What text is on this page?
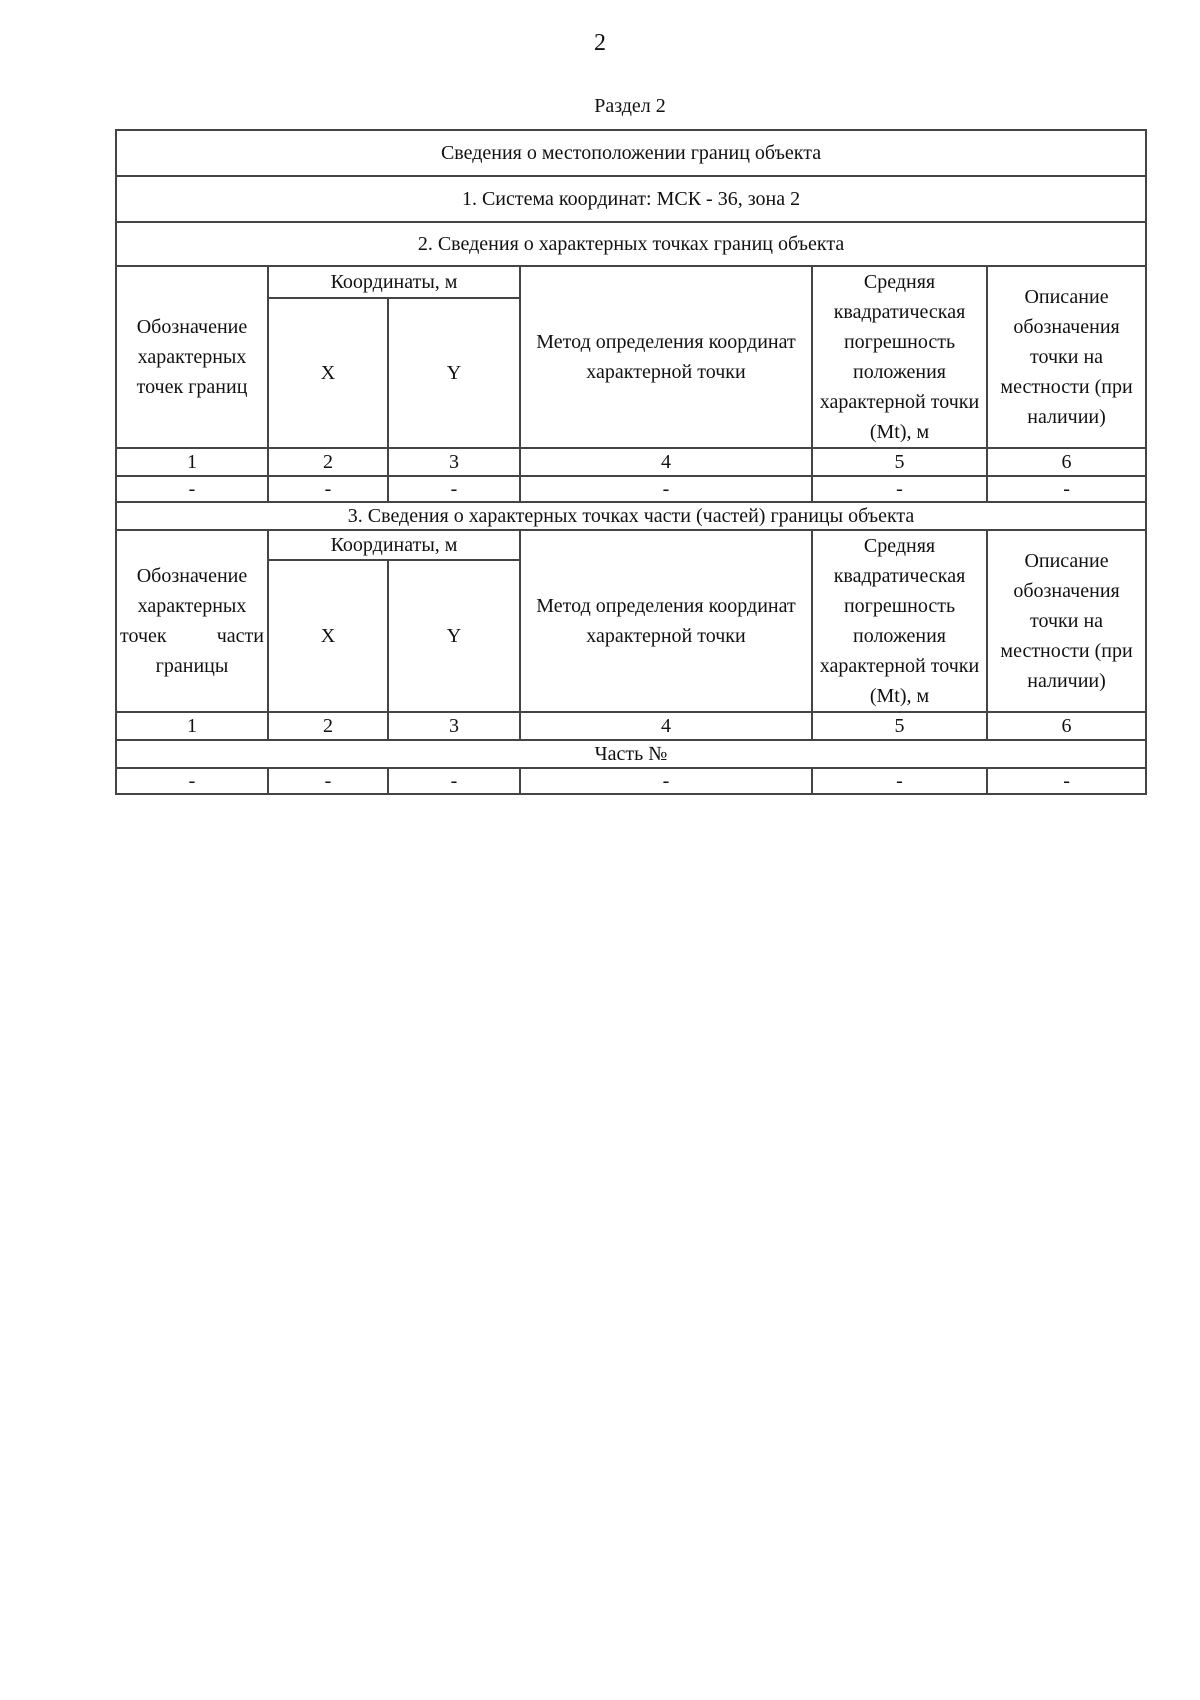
2
Раздел 2
Сведения о местоположении границ объекта					
1. Система координат: МСК - 36, зона 2					
2. Сведения о характерных точках границ объекта					
Обозначение характерных точек границ	Координаты, м		Метод определения координат характерной точки	Средняя квадратическая погрешность положения характерной точки (Mt), м	Описание обозначения точки на местности (при наличии)
	X	Y			
1	2	3	4	5	6
-	-	-	-	-	-
3. Сведения о характерных точках части (частей) границы объекта					

Обозначение
характерных
точек части
границы	Координаты, м		Метод определения координат характерной точки	Средняя квадратическая погрешность положения характерной точки (Mt), м	Описание обозначения точки на местности (при наличии)
	X	Y			
1	2	3	4	5	6
Часть №					
-	-	-	-	-	-
